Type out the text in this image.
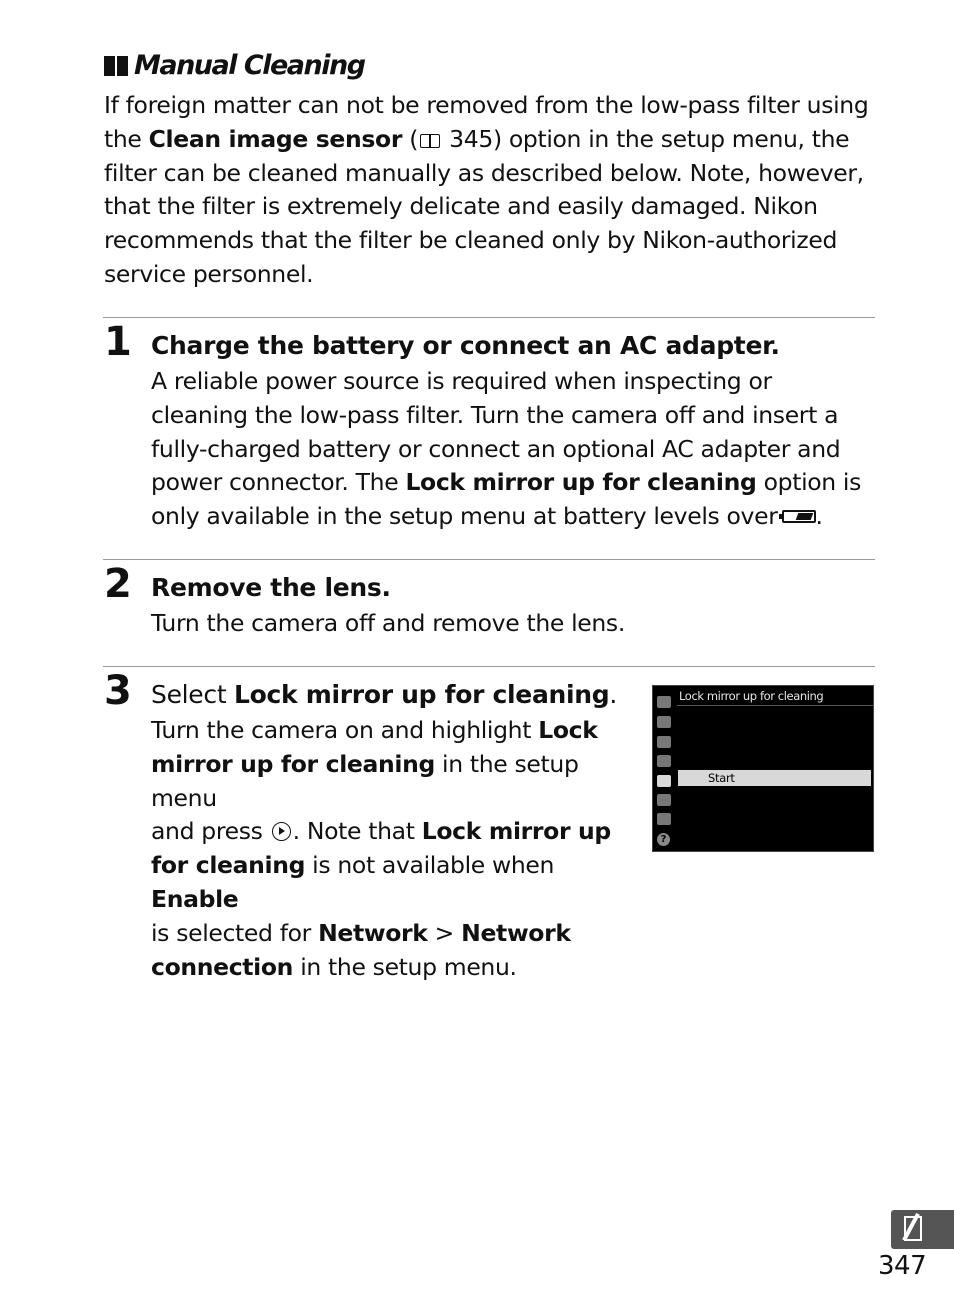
Manual Cleaning

If foreign matter can not be removed from the low-pass filter using

the Clean image sensor ( 345) option in the setup menu, the

filter can be cleaned manually as described below. Note, however,

that the filter is extremely delicate and easily damaged. Nikon

recommends that the filter be cleaned only by Nikon-authorized

service personnel.

1 Charge the battery or connect an AC adapter.

A reliable power source is required when inspecting or

cleaning the low-pass filter. Turn the camera off and insert a

fully-charged battery or connect an optional AC adapter and

power connector. The Lock mirror up for cleaning option is

only available in the setup menu at battery levels over .

2 Remove the lens.

Turn the camera off and remove the lens.

3 Select Lock mirror up for cleaning.

Turn the camera on and highlight Lock

mirror up for cleaning in the setup menu

and press . Note that Lock mirror up

for cleaning is not available when Enable

is selected for Network > Network

connection in the setup menu.

Lock mirror up for cleaning
?
Start
347
